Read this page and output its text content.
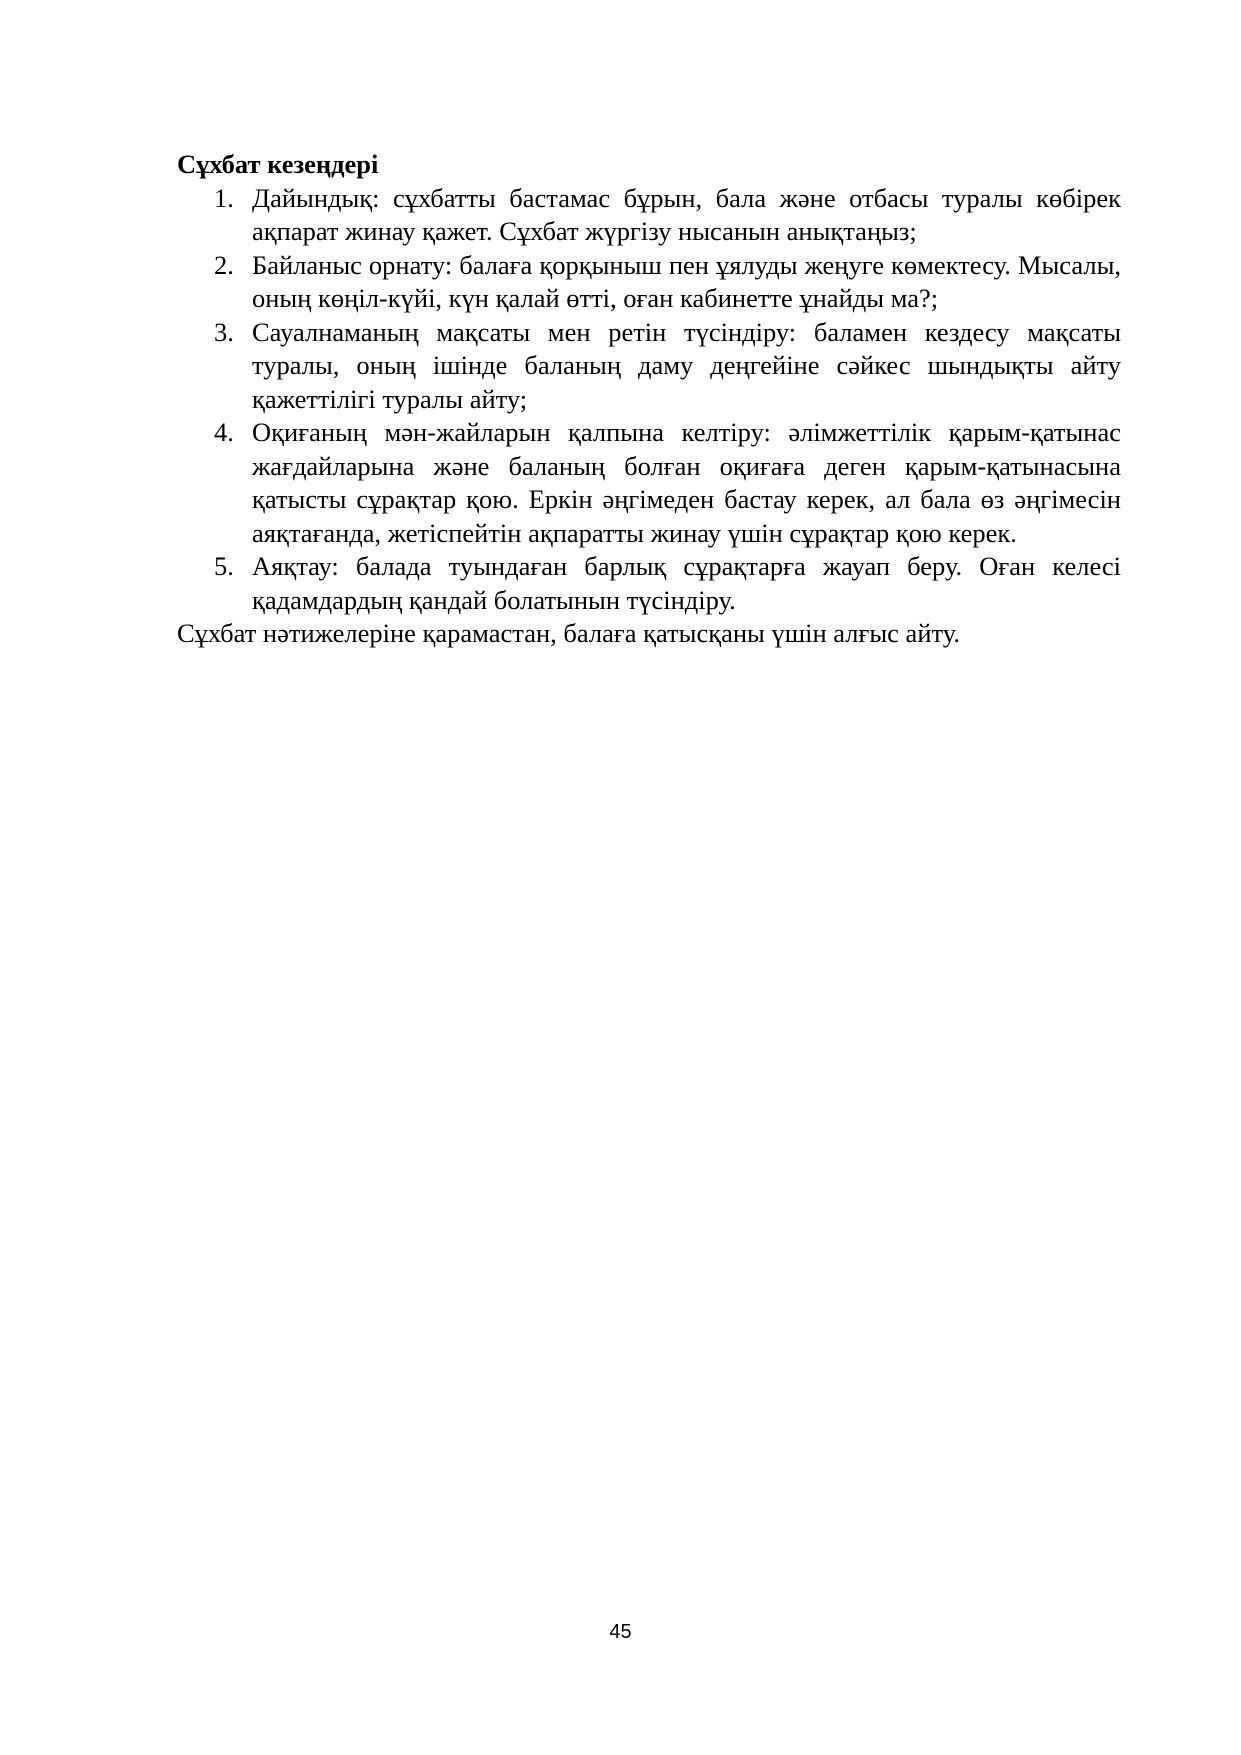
Сұхбат кезеңдері

1. Дайындық: сұхбатты бастамас бұрын, бала және отбасы туралы көбірек ақпарат жинау қажет. Сұхбат жүргізу нысанын анықтаңыз;
2. Байланыс орнату: балаға қорқыныш пен ұялуды жеңуге көмектесу. Мысалы, оның көңіл-күйі, күн қалай өтті, оған кабинетте ұнайды ма?;
3. Сауалнаманың мақсаты мен ретін түсіндіру: баламен кездесу мақсаты туралы, оның ішінде баланың даму деңгейіне сәйкес шындықты айту қажеттілігі туралы айту;
4. Оқиғаның мән-жайларын қалпына келтіру: әлімжеттілік қарым-қатынас жағдайларына және баланың болған оқиғаға деген қарым-қатынасына қатысты сұрақтар қою. Еркін әңгімеден бастау керек, ал бала өз әңгімесін аяқтағанда, жетіспейтін ақпаратты жинау үшін сұрақтар қою керек.
5. Аяқтау: балада туындаған барлық сұрақтарға жауап беру. Оған келесі қадамдардың қандай болатынын түсіндіру.

Сұхбат нәтижелеріне қарамастан, балаға қатысқаны үшін алғыс айту.

45
